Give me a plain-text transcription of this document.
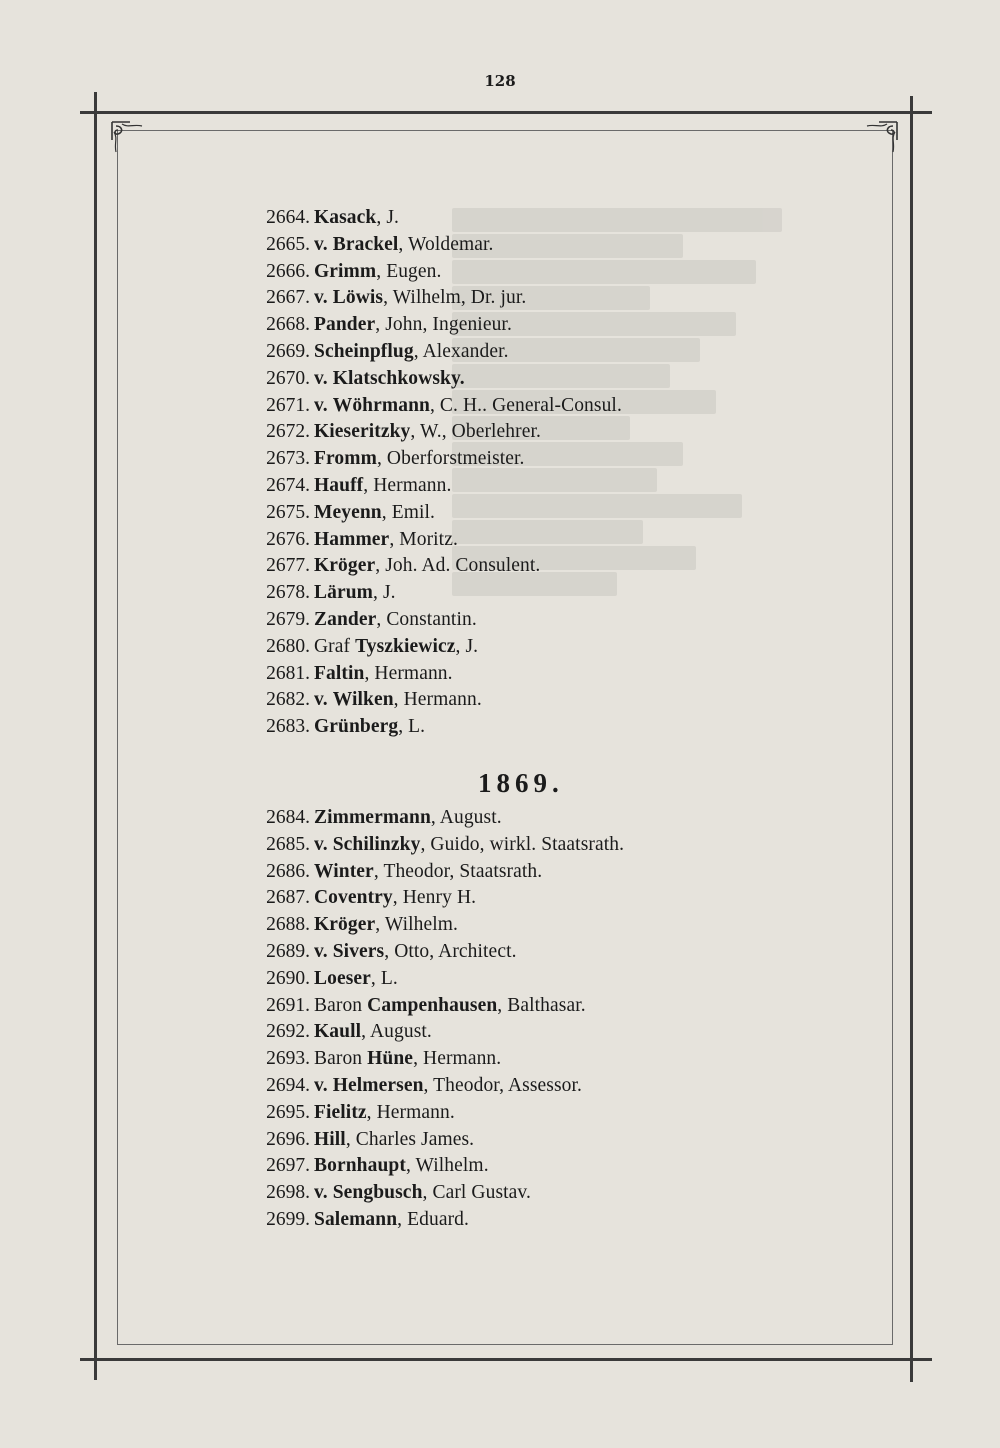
128
2664. Kasack, J.
2665. v. Brackel, Woldemar.
2666. Grimm, Eugen.
2667. v. Löwis, Wilhelm, Dr. jur.
2668. Pander, John, Ingenieur.
2669. Scheinpflug, Alexander.
2670. v. Klatschkowsky.
2671. v. Wöhrmann, C. H.. General-Consul.
2672. Kieseritzky, W., Oberlehrer.
2673. Fromm, Oberforstmeister.
2674. Hauff, Hermann.
2675. Meyenn, Emil.
2676. Hammer, Moritz.
2677. Kröger, Joh. Ad. Consulent.
2678. Lärum, J.
2679. Zander, Constantin.
2680. Graf Tyszkiewicz, J.
2681. Faltin, Hermann.
2682. v. Wilken, Hermann.
2683. Grünberg, L.
1869.
2684. Zimmermann, August.
2685. v. Schilinzky, Guido, wirkl. Staatsrath.
2686. Winter, Theodor, Staatsrath.
2687. Coventry, Henry H.
2688. Kröger, Wilhelm.
2689. v. Sivers, Otto, Architect.
2690. Loeser, L.
2691. Baron Campenhausen, Balthasar.
2692. Kaull, August.
2693. Baron Hüne, Hermann.
2694. v. Helmersen, Theodor, Assessor.
2695. Fielitz, Hermann.
2696. Hill, Charles James.
2697. Bornhaupt, Wilhelm.
2698. v. Sengbusch, Carl Gustav.
2699. Salemann, Eduard.
